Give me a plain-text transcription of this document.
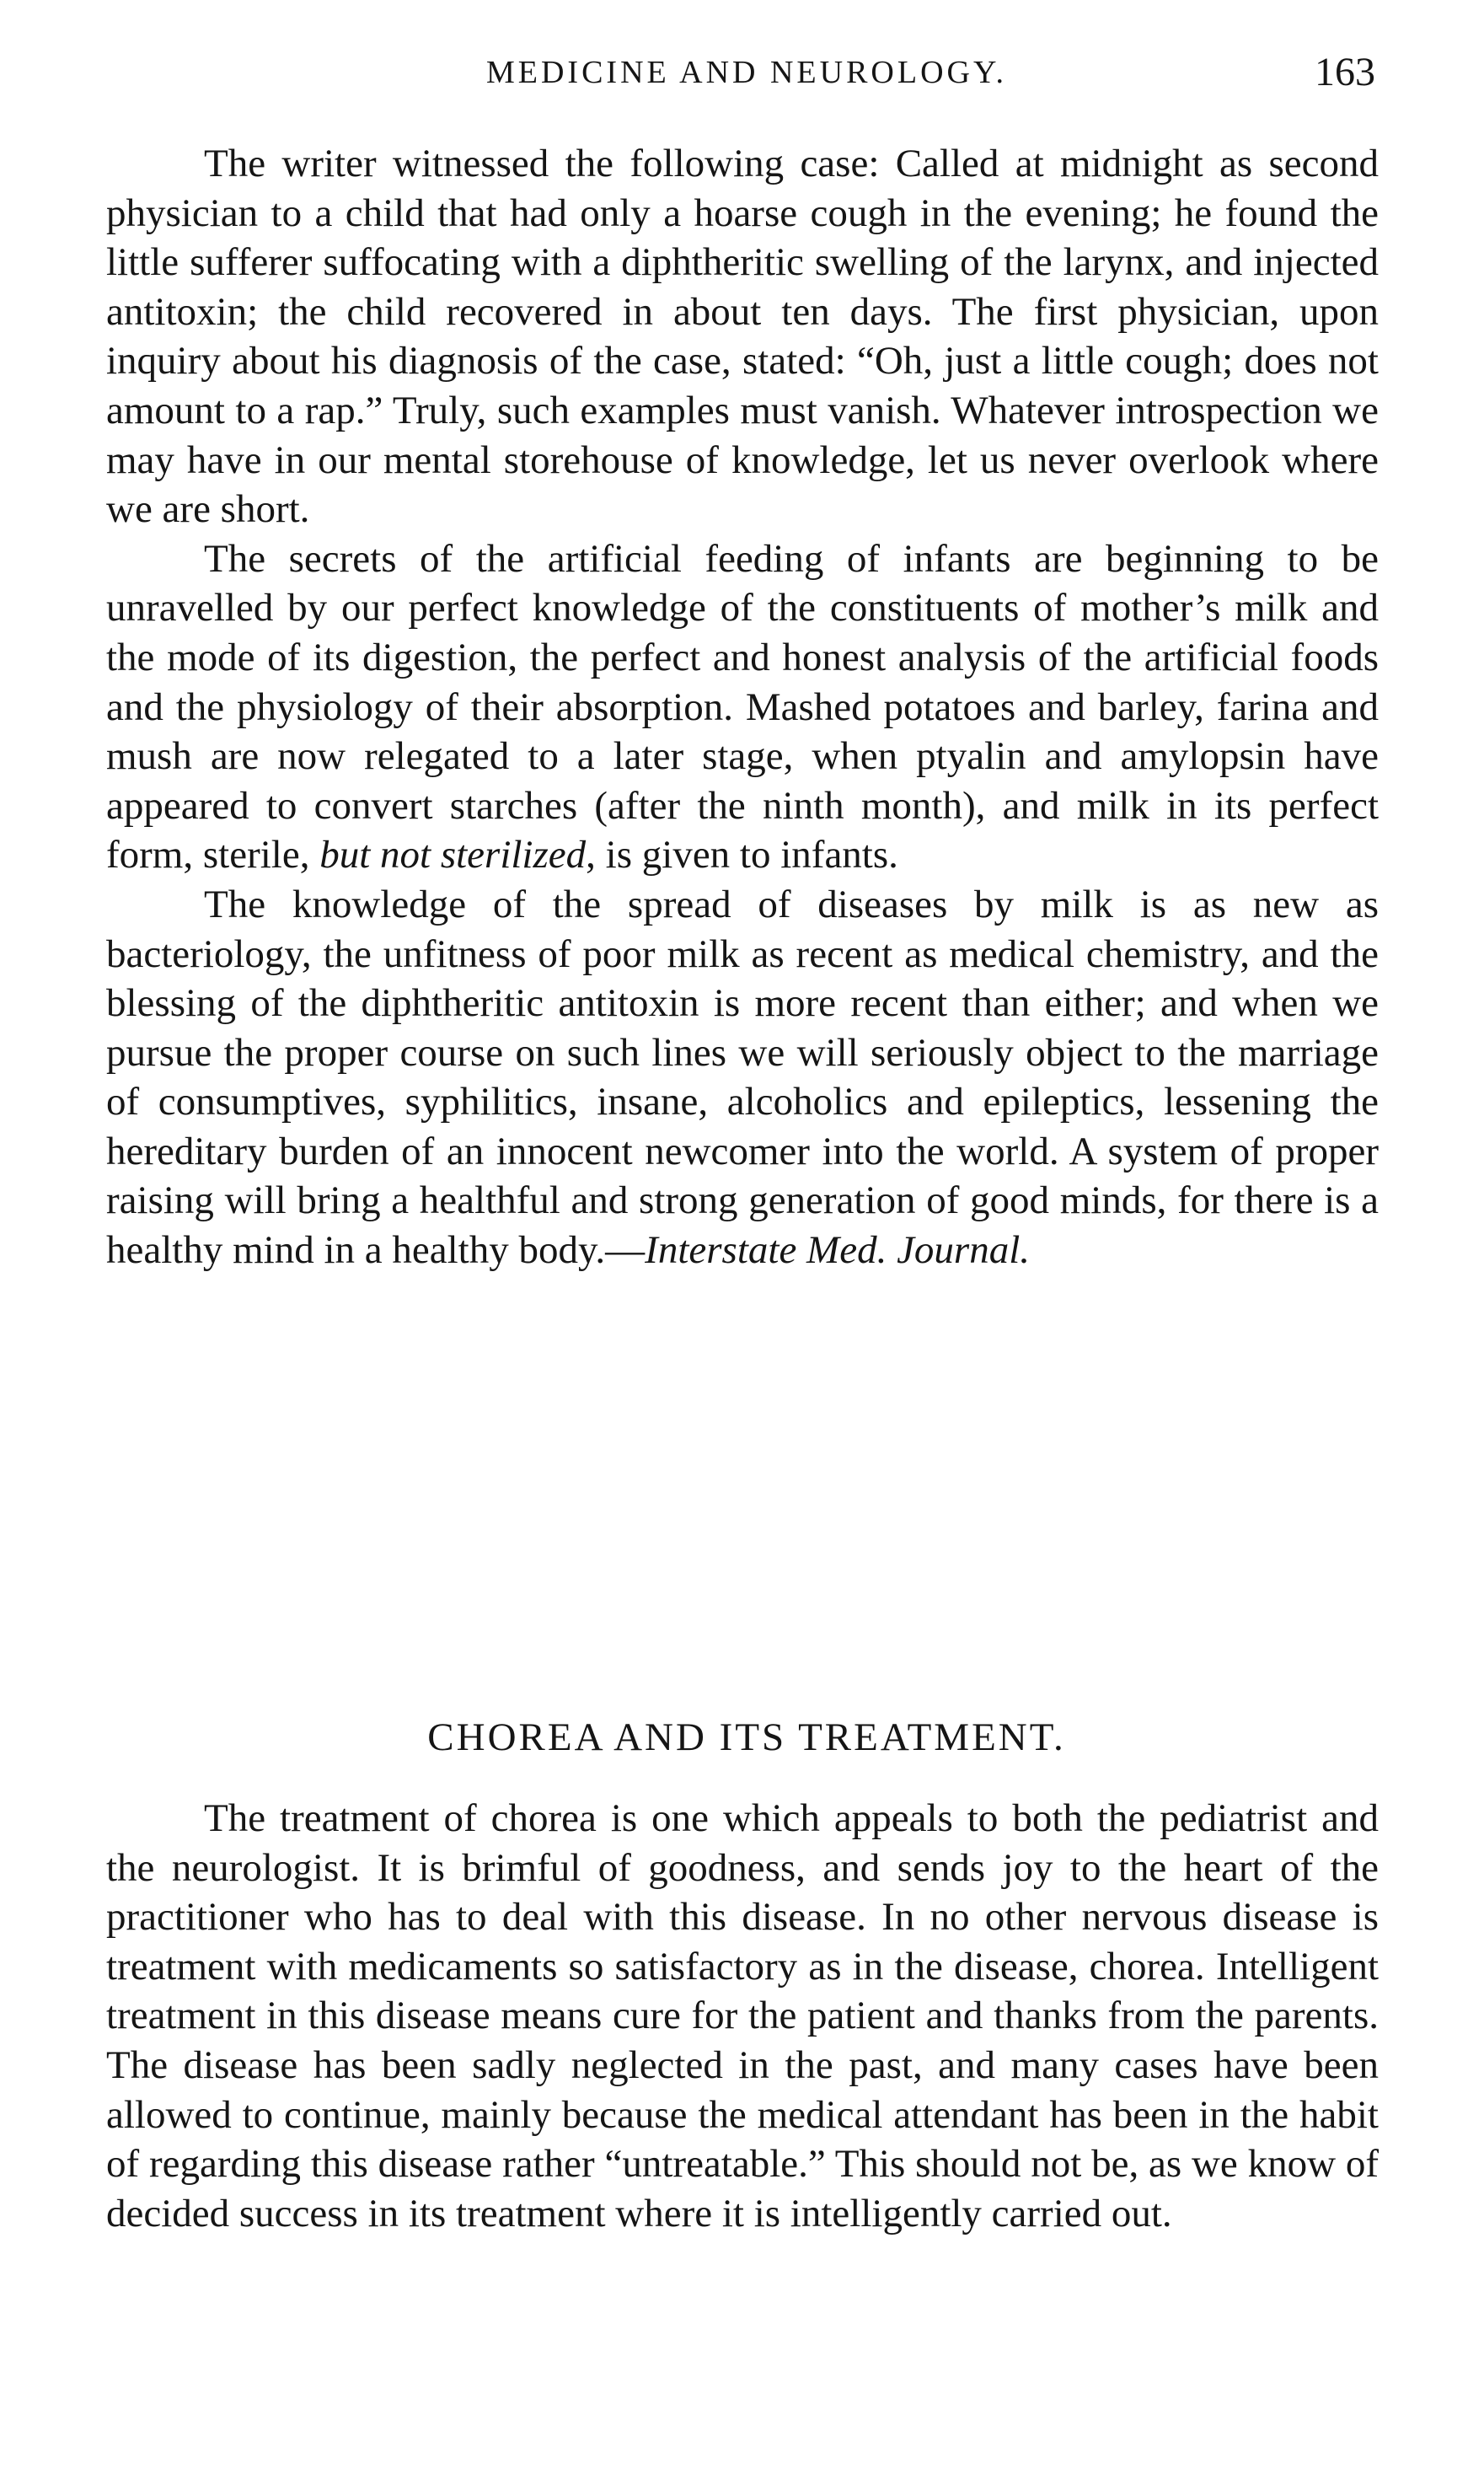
MEDICINE AND NEUROLOGY.	163

The writer witnessed the following case: Called at midnight as second physician to a child that had only a hoarse cough in the evening; he found the little sufferer suffocating with a diphtheritic swelling of the larynx, and injected antitoxin; the child recovered in about ten days. The first physician, upon inquiry about his diagnosis of the case, stated: “Oh, just a little cough; does not amount to a rap.” Truly, such examples must vanish. Whatever introspection we may have in our mental storehouse of knowledge, let us never overlook where we are short.

The secrets of the artificial feeding of infants are beginning to be unravelled by our perfect knowledge of the constituents of mother’s milk and the mode of its digestion, the perfect and honest analysis of the artificial foods and the physiology of their absorption. Mashed potatoes and barley, farina and mush are now relegated to a later stage, when ptyalin and amylopsin have appeared to convert starches (after the ninth month), and milk in its perfect form, sterile, but not sterilized, is given to infants.

The knowledge of the spread of diseases by milk is as new as bacteriology, the unfitness of poor milk as recent as medical chemistry, and the blessing of the diphtheritic antitoxin is more recent than either; and when we pursue the proper course on such lines we will seriously object to the marriage of consumptives, syphilitics, insane, alcoholics and epileptics, lessening the hereditary burden of an innocent newcomer into the world. A system of proper raising will bring a healthful and strong generation of good minds, for there is a healthy mind in a healthy body.—Interstate Med. Journal.

CHOREA AND ITS TREATMENT.

The treatment of chorea is one which appeals to both the pediatrist and the neurologist. It is brimful of goodness, and sends joy to the heart of the practitioner who has to deal with this disease. In no other nervous disease is treatment with medicaments so satisfactory as in the disease, chorea. Intelligent treatment in this disease means cure for the patient and thanks from the parents. The disease has been sadly neglected in the past, and many cases have been allowed to continue, mainly because the medical attendant has been in the habit of regarding this disease rather “untreatable.” This should not be, as we know of decided success in its treatment where it is intelligently carried out.
